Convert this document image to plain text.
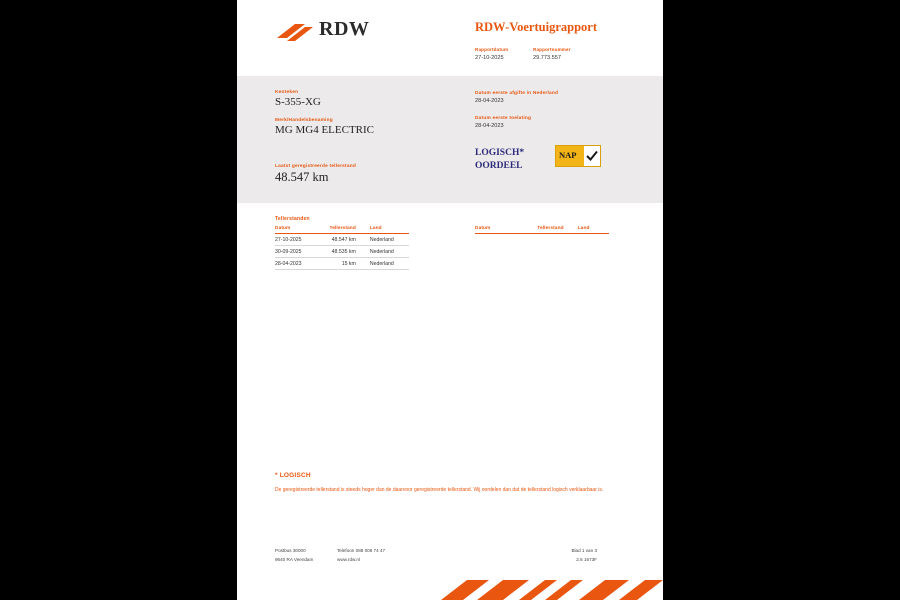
RDW	RDW-Voertuigrapport
Rapportdatum
27-10-2025
Rapportnummer
29.773.557
Kenteken
S-355-XG
Merk/Handelsbenaming
MG MG4 ELECTRIC
Datum eerste afgifte in Nederland
28-04-2023
Datum eerste toelating
28-04-2023
Laatst geregistreerde tellerstand
48.547 km
LOGISCH*
OORDEEL
NAP
Tellerstanden
Datum	Tellerstand	Land
27-10-2025	48.547 km	Nederland
30-09-2025	48.535 km	Nederland
28-04-2023	15 km	Nederland
Datum	Tellerstand	Land
* LOGISCH
De geregistreerde tellerstand is steeds hoger dan de daarvoor geregistreerde tellerstand. Wij oordelen dan dat de tellerstand logisch verklaarbaar is.
Postbus 30000
9640 RA Veendam
Telefoon 088 008 74 47
www.rdw.nl
Blad 1 van 3
2.6 1673F
